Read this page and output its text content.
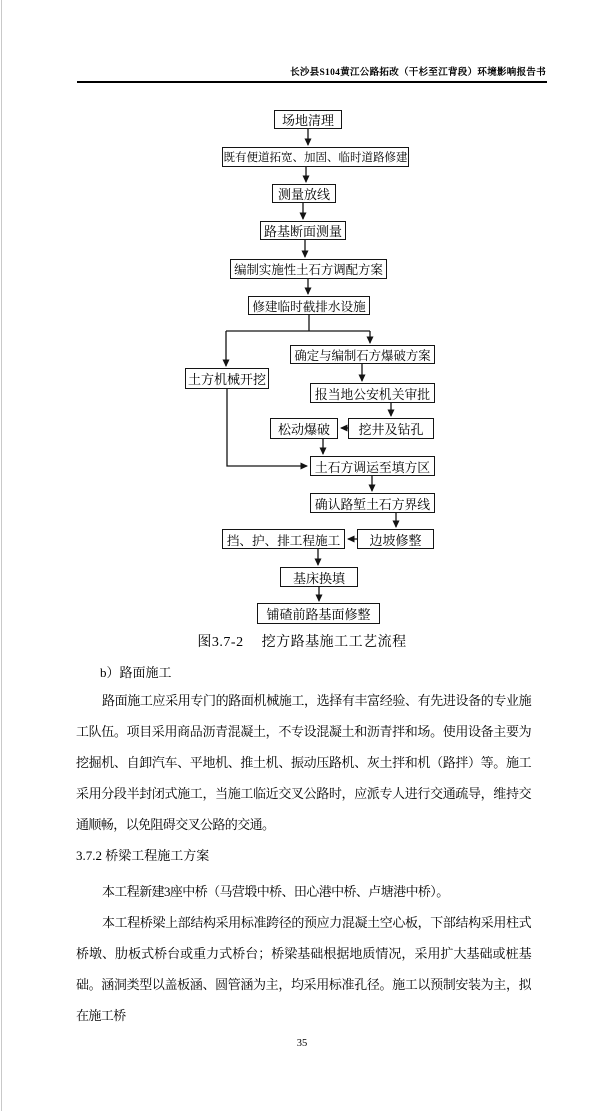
长沙县S104黄江公路拓改（干杉至江背段）环境影响报告书
场地清理
既有便道拓宽、加固、临时道路修建
测量放线
路基断面测量
编制实施性土石方调配方案
修建临时截排水设施
土方机械开挖
确定与编制石方爆破方案
报当地公安机关审批
松动爆破	挖井及钻孔
土石方调运至填方区
确认路堑土石方界线
挡、护、排工程施工	边坡修整
基床换填
铺碴前路基面修整
图3.7-2 挖方路基施工工艺流程
b）路面施工
路面施工应采用专门的路面机械施工，选择有丰富经验、有先进设备的专业施工队伍。项目采用商品沥青混凝土，不专设混凝土和沥青拌和场。使用设备主要为挖掘机、自卸汽车、平地机、推土机、振动压路机、灰土拌和机（路拌）等。施工采用分段半封闭式施工，当施工临近交叉公路时，应派专人进行交通疏导，维持交通顺畅，以免阻碍交叉公路的交通。
3.7.2 桥梁工程施工方案
本工程新建3座中桥（马营塅中桥、田心港中桥、卢塘港中桥）。
本工程桥梁上部结构采用标准跨径的预应力混凝土空心板，下部结构采用柱式桥墩、肋板式桥台或重力式桥台；桥梁基础根据地质情况，采用扩大基础或桩基础。涵洞类型以盖板涵、圆管涵为主，均采用标准孔径。施工以预制安装为主，拟在施工桥
35
